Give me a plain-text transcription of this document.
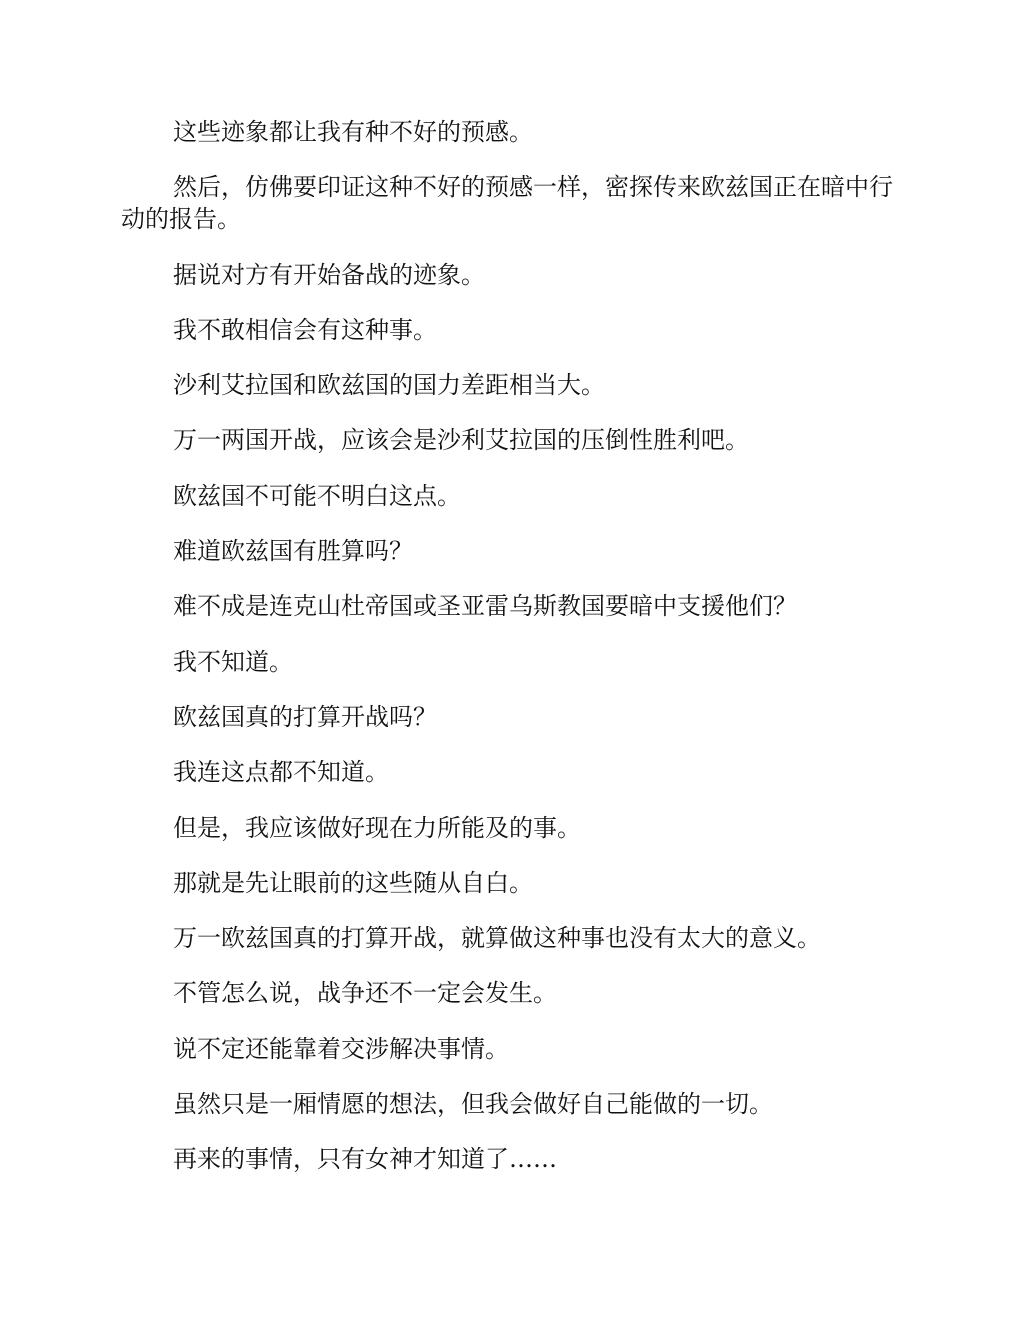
这些迹象都让我有种不好的预感。

然后，仿佛要印证这种不好的预感一样，密探传来欧兹国正在暗中行动的报告。

据说对方有开始备战的迹象。

我不敢相信会有这种事。

沙利艾拉国和欧兹国的国力差距相当大。

万一两国开战，应该会是沙利艾拉国的压倒性胜利吧。

欧兹国不可能不明白这点。

难道欧兹国有胜算吗？

难不成是连克山杜帝国或圣亚雷乌斯教国要暗中支援他们？

我不知道。

欧兹国真的打算开战吗？

我连这点都不知道。

但是，我应该做好现在力所能及的事。

那就是先让眼前的这些随从自白。

万一欧兹国真的打算开战，就算做这种事也没有太大的意义。

不管怎么说，战争还不一定会发生。

说不定还能靠着交涉解决事情。

虽然只是一厢情愿的想法，但我会做好自己能做的一切。

再来的事情，只有女神才知道了……
